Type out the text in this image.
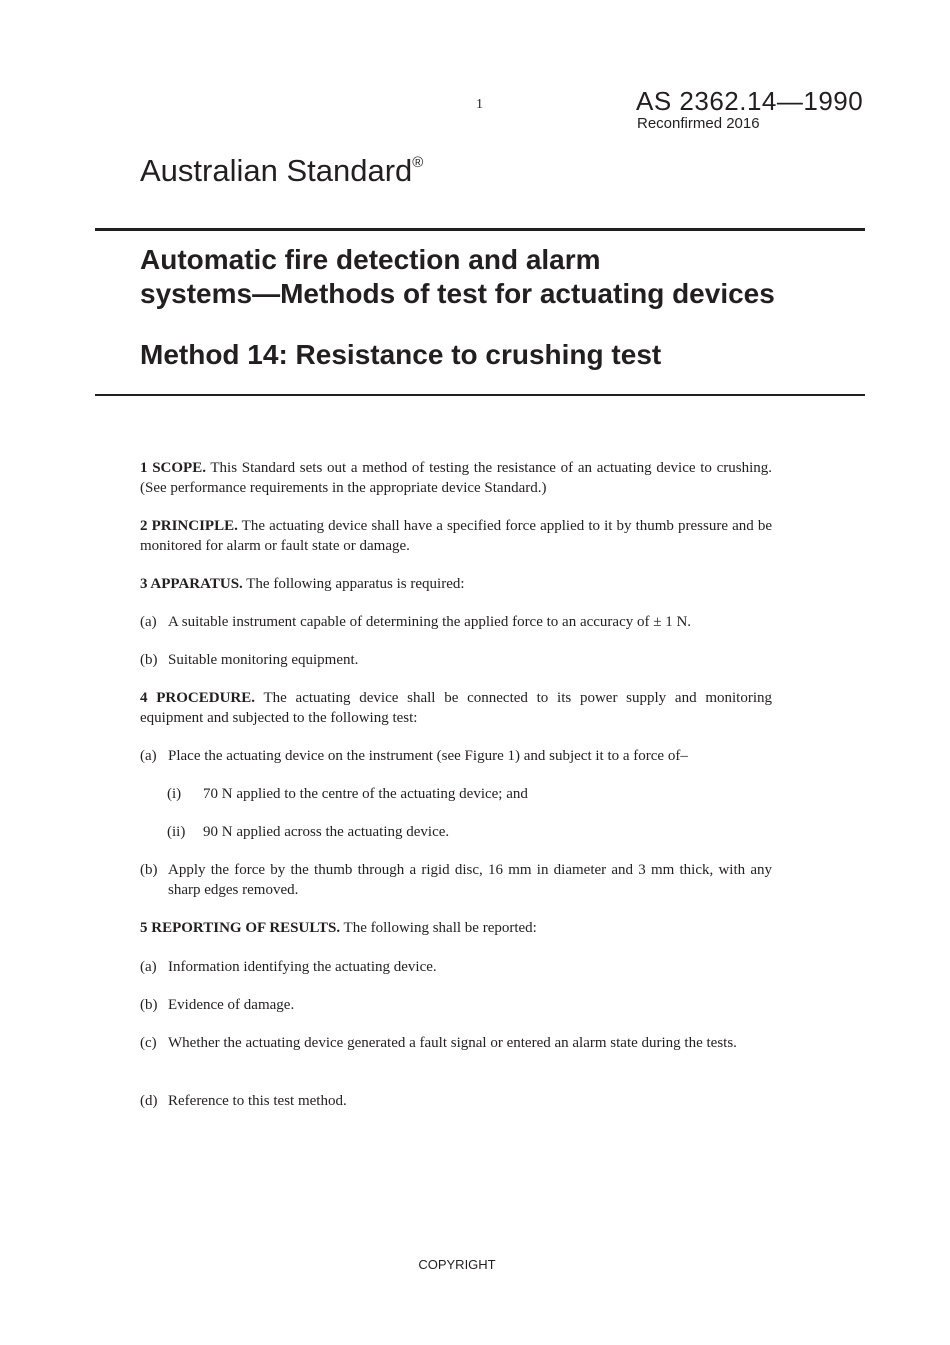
1	AS 2362.14—1990
Reconfirmed 2016
Australian Standard®
Automatic fire detection and alarm
systems—Methods of test for actuating devices
Method 14: Resistance to crushing test
1 SCOPE. This Standard sets out a method of testing the resistance of an actuating device to crushing. (See performance requirements in the appropriate device Standard.)
2 PRINCIPLE. The actuating device shall have a specified force applied to it by thumb pressure and be monitored for alarm or fault state or damage.
3 APPARATUS. The following apparatus is required:
(a) A suitable instrument capable of determining the applied force to an accuracy of ± 1 N.
(b) Suitable monitoring equipment.
4 PROCEDURE. The actuating device shall be connected to its power supply and monitoring equipment and subjected to the following test:
(a) Place the actuating device on the instrument (see Figure 1) and subject it to a force of–
(i) 70 N applied to the centre of the actuating device; and
(ii) 90 N applied across the actuating device.
(b) Apply the force by the thumb through a rigid disc, 16 mm in diameter and 3 mm thick, with any sharp edges removed.
5 REPORTING OF RESULTS. The following shall be reported:
(a) Information identifying the actuating device.
(b) Evidence of damage.
(c) Whether the actuating device generated a fault signal or entered an alarm state during the tests.
(d) Reference to this test method.
COPYRIGHT
